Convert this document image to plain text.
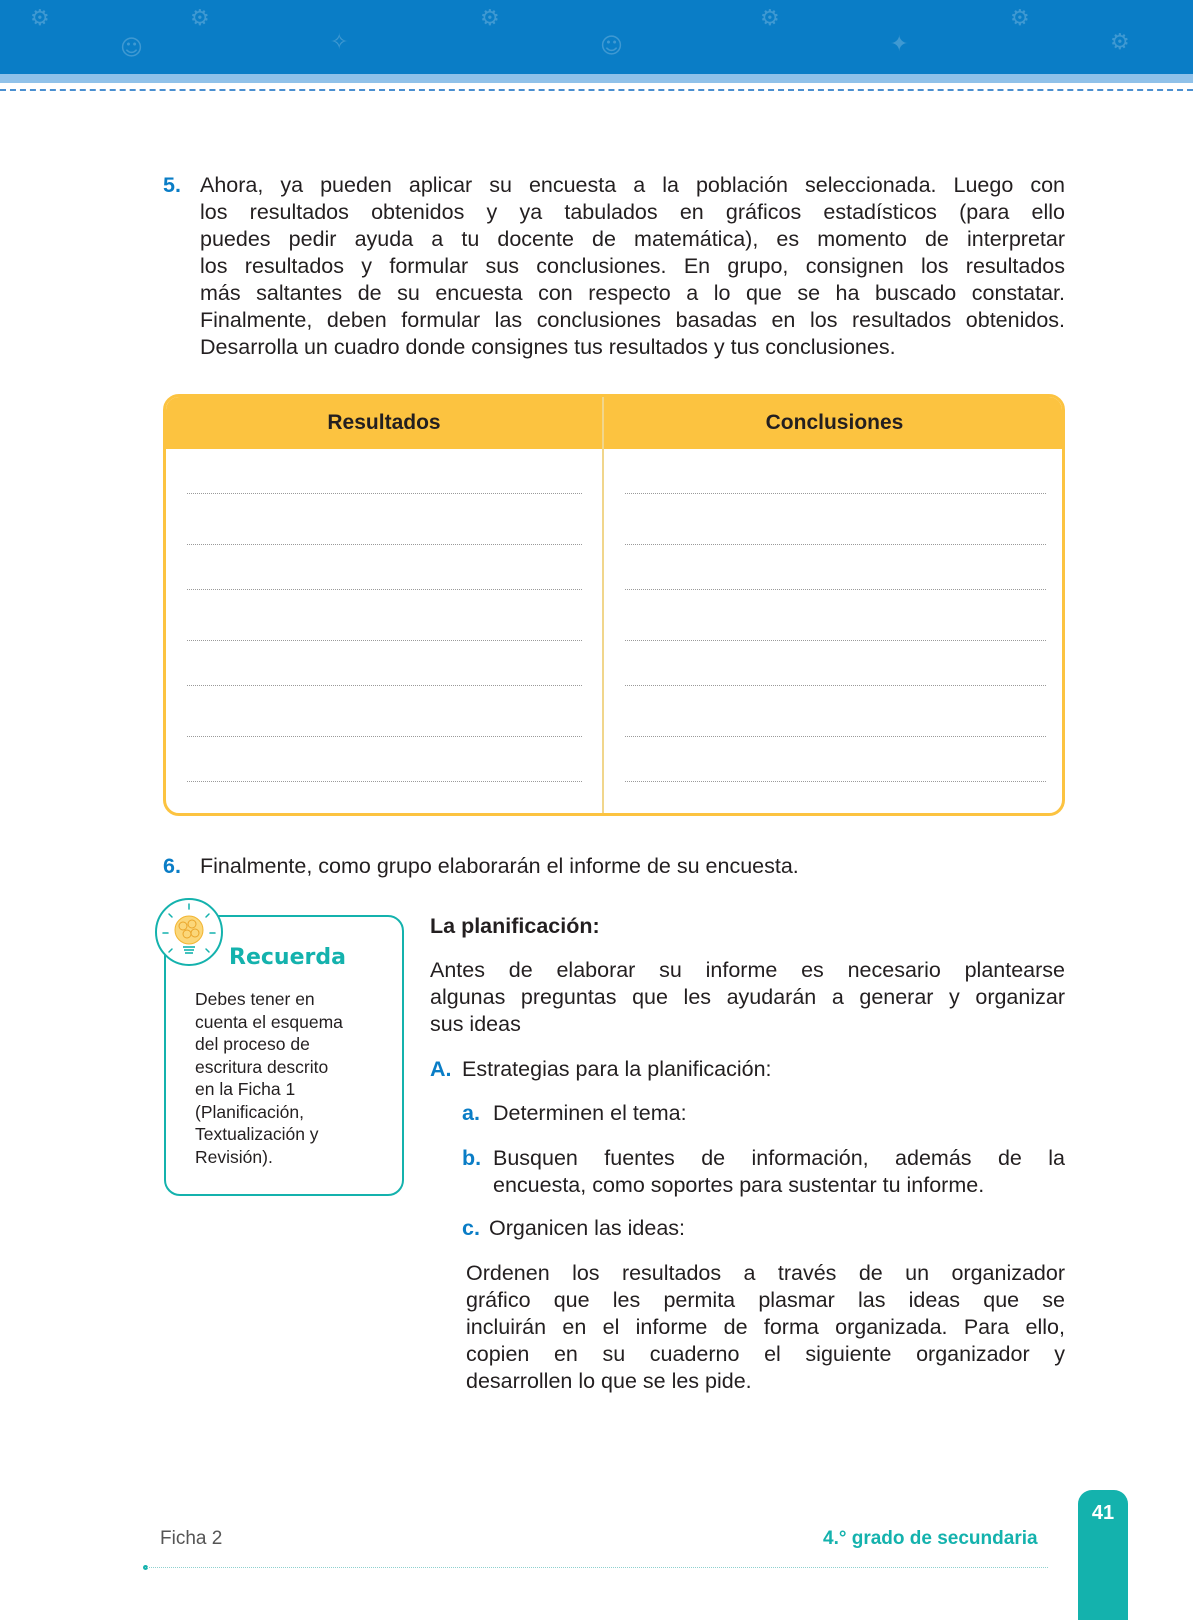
⚙
☺
⚙
✧
⚙
☺
⚙
✦
⚙
⚙
5. Ahora, ya pueden aplicar su encuesta a la población seleccionada. Luego con
los resultados obtenidos y ya tabulados en gráficos estadísticos (para ello
puedes pedir ayuda a tu docente de matemática), es momento de interpretar
los resultados y formular sus conclusiones. En grupo, consignen los resultados
más saltantes de su encuesta con respecto a lo que se ha buscado constatar.
Finalmente, deben formular las conclusiones basadas en los resultados obtenidos.
Desarrolla un cuadro donde consignes tus resultados y tus conclusiones.
Resultados	Conclusiones
6. Finalmente, como grupo elaborarán el informe de su encuesta.
Recuerda
Debes tener en
cuenta el esquema
del proceso de
escritura descrito
en la Ficha 1
(Planificación,
Textualización y
Revisión).
La planificación:
Antes de elaborar su informe es necesario plantearse
algunas preguntas que les ayudarán a generar y organizar
sus ideas
A. Estrategias para la planificación:
a. Determinen el tema:
b. Busquen fuentes de información, además de la
encuesta, como soportes para sustentar tu informe.
c. Organicen las ideas:
Ordenen los resultados a través de un organizador
gráfico que les permita plasmar las ideas que se
incluirán en el informe de forma organizada. Para ello,
copien en su cuaderno el siguiente organizador y
desarrollen lo que se les pide.
Ficha 2	4.° grado de secundaria
41
